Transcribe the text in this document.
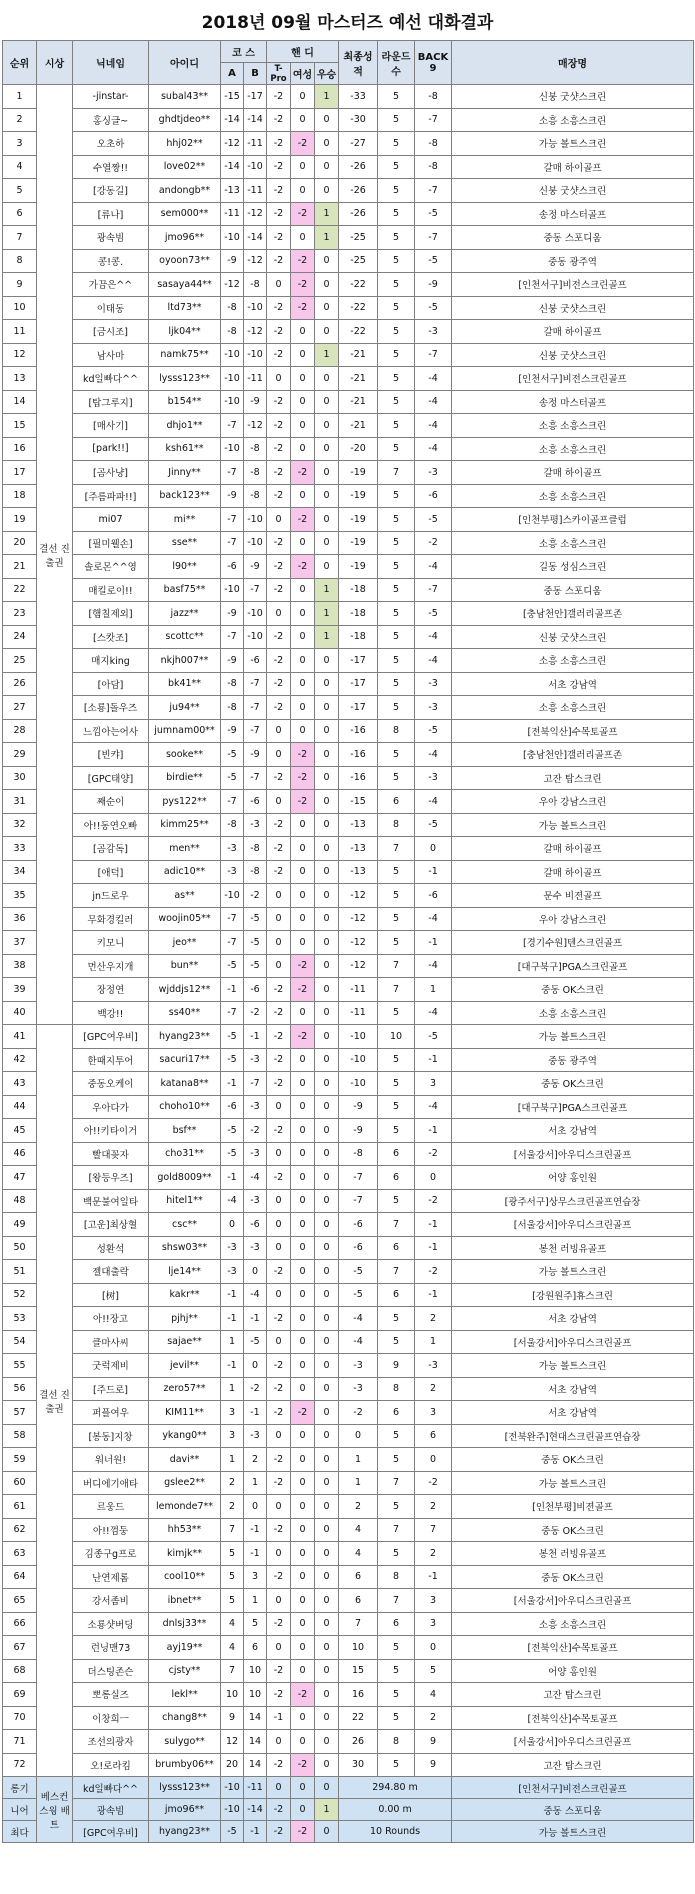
2018년 09월 마스터즈 예선 대화결과
순위	시상	닉네임	아이디	코 스		핸 디			최종성적	라운드수	BACK 9	매장명
				A	B	T-Pro	여성	우승				
1	결선 진출권	-jinstar-	subal43**	-15	-17	-2	0	1	-33	5	-8	신붕 굿샷스크린
2		홍싱글~	ghdtjdeo**	-14	-14	-2	0	0	-30	5	-7	소흥 소흥스크린
3		오초하	hhj02**	-12	-11	-2	-2	0	-27	5	-8	가능 볼트스크린
4		수열짱!!	love02**	-14	-10	-2	0	0	-26	5	-8	갈매 하이골프
5		[강동길]	andongb**	-13	-11	-2	0	0	-26	5	-7	신붕 굿샷스크린
6		[류나]	sem000**	-11	-12	-2	-2	1	-26	5	-5	송정 마스터골프
7		광속빔	jmo96**	-10	-14	-2	0	1	-25	5	-7	중동 스포디움
8		콩!콩.	oyoon73**	-9	-12	-2	-2	0	-25	5	-5	중동 광주역
9		가끔은^^	sasaya44**	-12	-8	0	-2	0	-22	5	-9	[인천서구]비전스크린골프
10		이태동	ltd73**	-8	-10	-2	-2	0	-22	5	-5	신붕 굿샷스크린
11		[금시조]	ljk04**	-8	-12	-2	0	0	-22	5	-3	갈매 하이골프
12		남사마	namk75**	-10	-10	-2	0	1	-21	5	-7	신붕 굿샷스크린
13		kd일빠다^^	lysss123**	-10	-11	0	0	0	-21	5	-4	[인천서구]비전스크린골프
14		[탑그루지]	b154**	-10	-9	-2	0	0	-21	5	-4	송정 마스터골프
15		[매사기]	dhjo1**	-7	-12	-2	0	0	-21	5	-4	소흥 소흥스크린
16		[park!!]	ksh61**	-10	-8	-2	0	0	-20	5	-4	소흥 소흥스크린
17		[곰사냥]	Jinny**	-7	-8	-2	-2	0	-19	7	-3	갈매 하이골프
18		[주름파파!!]	back123**	-9	-8	-2	0	0	-19	5	-6	소흥 소흥스크린
19		mi07	mi**	-7	-10	0	-2	0	-19	5	-5	[인천부평]스카이골프클럽
20		[필미웰손]	sse**	-7	-10	-2	0	0	-19	5	-2	소흥 소흥스크린
21		솔로몬^^영	l90**	-6	-9	-2	-2	0	-19	5	-4	길동 성심스크린
22		매킬로이!!	basf75**	-10	-7	-2	0	1	-18	5	-7	중동 스포디움
23		[햄칠제외]	jazz**	-9	-10	0	0	1	-18	5	-5	[충남천안]갤러리골프존
24		[스캇조]	scottc**	-7	-10	-2	0	1	-18	5	-4	신붕 굿샷스크린
25		매지king	nkjh007**	-9	-6	-2	0	0	-17	5	-4	소흥 소흥스크린
26		[아담]	bk41**	-8	-7	-2	0	0	-17	5	-3	서초 강남역
27		[소룡]돌우즈	ju94**	-8	-7	-2	0	0	-17	5	-3	소흥 소흥스크린
28		느낌아는어사	jumnam00**	-9	-7	0	0	0	-16	8	-5	[전북익산]수목토골프
29		[빈캬]	sooke**	-5	-9	0	-2	0	-16	5	-4	[충남천안]갤러리골프존
30		[GPC태양]	birdie**	-5	-7	-2	-2	0	-16	5	-3	고잔 탑스크린
31		째순이	pys122**	-7	-6	0	-2	0	-15	6	-4	우아 강남스크린
32		아!!동연오빠	kimm25**	-8	-3	-2	0	0	-13	8	-5	가능 볼트스크린
33		[곰감독]	men**	-3	-8	-2	0	0	-13	7	0	갈매 하이골프
34		[애덕]	adic10**	-3	-8	-2	0	0	-13	5	-1	갈매 하이골프
35		jn드로우	as**	-10	-2	0	0	0	-12	5	-6	문수 비젼골프
36		무화경킬러	woojin05**	-7	-5	0	0	0	-12	5	-4	우아 강남스크린
37		키모니	jeo**	-7	-5	0	0	0	-12	5	-1	[경기수원]텐스크린골프
38		먼산우지개	bun**	-5	-5	0	-2	0	-12	7	-4	[대구북구]PGA스크린골프
39		장정연	wjddjs12**	-1	-6	-2	-2	0	-11	7	1	중동 OK스크린
40		백강!!	ss40**	-7	-2	-2	0	0	-11	5	-4	소흥 소흥스크린
41	결선 진출권	[GPC여우비]	hyang23**	-5	-1	-2	-2	0	-10	10	-5	가능 볼트스크린
42		한때지투어	sacuri17**	-5	-3	-2	0	0	-10	5	-1	중동 광주역
43		중동오케이	katana8**	-1	-7	-2	0	0	-10	5	3	중동 OK스크린
44		우아다가	choho10**	-6	-3	0	0	0	-9	5	-4	[대구북구]PGA스크린골프
45		아!!키타이거	bsf**	-5	-2	-2	0	0	-9	5	-1	서초 강남역
46		빨대꽂자	cho31**	-5	-3	0	0	0	-8	6	-2	[서울강서]아우디스크린골프
47		[왕등우즈]	gold8009**	-1	-4	-2	0	0	-7	6	0	어양 홍인원
48		백문불여일타	hitel1**	-4	-3	0	0	0	-7	5	-2	[광주서구]상무스크린골프연습장
49		[고운]최상혈	csc**	0	-6	0	0	0	-6	7	-1	[서울강서]아우디스크린골프
50		성환석	shsw03**	-3	-3	0	0	0	-6	6	-1	봉천 러빙유골프
51		젤대출락	lje14**	-3	0	-2	0	0	-5	7	-2	가능 볼트스크린
52		[树]	kakr**	-1	-4	0	0	0	-5	6	-1	[강원원주]휴스크린
53		아!!장고	pjhj**	-1	-1	-2	0	0	-4	5	2	서초 강남역
54		클마사씨	sajae**	1	-5	0	0	0	-4	5	1	[서울강서]아우디스크린골프
55		굿럭제비	jevil**	-1	0	-2	0	0	-3	9	-3	가능 볼트스크린
56		[주드로]	zero57**	1	-2	-2	0	0	-3	8	2	서초 강남역
57		퍼플여우	KIM11**	3	-1	-2	-2	0	-2	6	3	서초 강남역
58		[봉동]지창	ykang0**	3	-3	0	0	0	0	5	6	[전북완주]현대스크린골프연습장
59		워너원!	davi**	1	2	-2	0	0	1	5	0	중동 OK스크린
60		버디에기애타	gslee2**	2	1	-2	0	0	1	7	-2	가능 볼트스크린
61		르웅드	lemonde7**	2	0	0	0	0	2	5	2	[인천부평]비젼골프
62		아!!껌둥	hh53**	7	-1	-2	0	0	4	7	7	중동 OK스크린
63		김종구g프로	kimjk**	5	-1	0	0	0	4	5	2	봉천 러빙유골프
64		난연제롬	cool10**	5	3	-2	0	0	6	8	-1	중동 OK스크린
65		강서좀비	ibnet**	5	1	0	0	0	6	7	3	[서울강서]아우디스크린골프
66		소룡샷버딩	dnlsj33**	4	5	-2	0	0	7	6	3	소흥 소흥스크린
67		런닝맨73	ayj19**	4	6	0	0	0	10	5	0	[전북익산]수목토골프
68		더스팅존슨	cjsty**	7	10	-2	0	0	15	5	5	어양 홍인원
69		뽀롱실즈	lekl**	10	10	-2	-2	0	16	5	4	고잔 탑스크린
70		이창희ㅡ	chang8**	9	14	-1	0	0	22	5	2	[전북익산]수목토골프
71		조선의광자	sulygo**	12	14	0	0	0	26	8	9	[서울강서]아우디스크린골프
72		오!로라킴	brumby06**	20	14	-2	-2	0	30	5	9	고잔 탑스크린
롱기	베스컨 스윙 배트	kd일빠다^^	lysss123**	-10	-11	0	0	0	294.80 m			[인천서구]비전스크린골프
니어		광속빔	jmo96**	-10	-14	-2	0	1	0.00 m			중동 스포디움
최다		[GPC여우비]	hyang23**	-5	-1	-2	-2	0	10 Rounds			가능 볼트스크린
